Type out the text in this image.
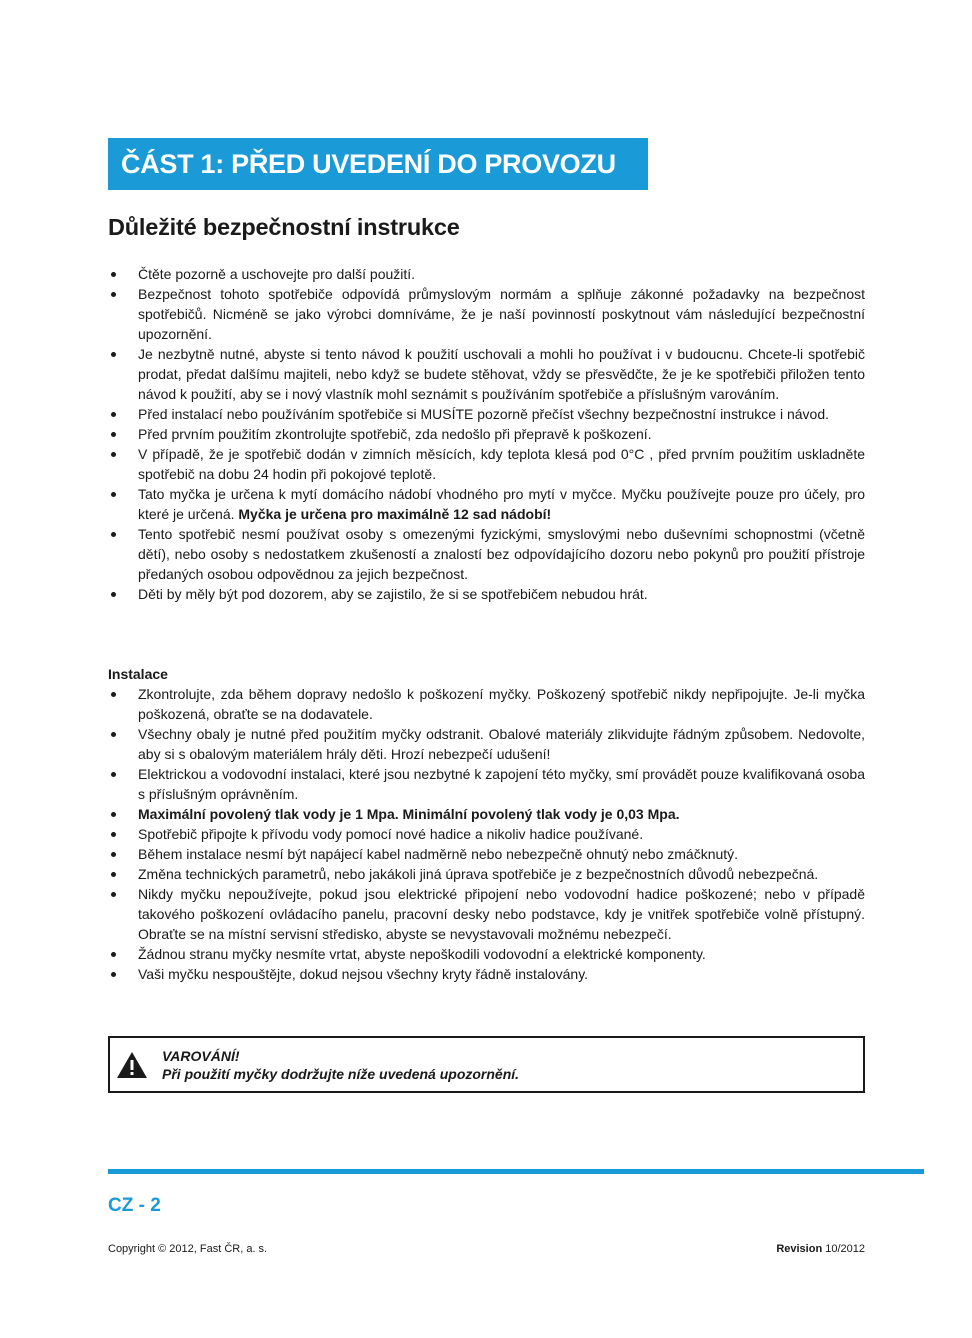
ČÁST 1: PŘED UVEDENÍ DO PROVOZU
Důležité bezpečnostní instrukce
Čtěte pozorně a uschovejte pro další použití.
Bezpečnost tohoto spotřebiče odpovídá průmyslovým normám a splňuje zákonné požadavky na bezpečnost spotřebičů. Nicméně se jako výrobci domníváme, že je naší povinností poskytnout vám následující bezpečnostní upozornění.
Je nezbytně nutné, abyste si tento návod k použití uschovali a mohli ho používat i v budoucnu. Chcete-li spotřebič prodat, předat dalšímu majiteli, nebo když se budete stěhovat, vždy se přesvědčte, že je ke spotřebiči přiložen tento návod k použití, aby se i nový vlastník mohl seznámit s používáním spotřebiče a příslušným varováním.
Před instalací nebo používáním spotřebiče si MUSÍTE pozorně přečíst všechny bezpečnostní instrukce i návod.
Před prvním použitím zkontrolujte spotřebič, zda nedošlo při přepravě k poškození.
V případě, že je spotřebič dodán v zimních měsících, kdy teplota klesá pod 0°C , před prvním použitím uskladněte spotřebič na dobu 24 hodin při pokojové teplotě.
Tato myčka je určena k mytí domácího nádobí vhodného pro mytí v myčce. Myčku používejte pouze pro účely, pro které je určená. Myčka je určena pro maximálně 12 sad nádobí!
Tento spotřebič nesmí používat osoby s omezenými fyzickými, smyslovými nebo duševními schopnostmi (včetně dětí), nebo osoby s nedostatkem zkušeností a znalostí bez odpovídajícího dozoru nebo pokynů pro použití přístroje předaných osobou odpovědnou za jejich bezpečnost.
Děti by měly být pod dozorem, aby se zajistilo, že si se spotřebičem nebudou hrát.
Instalace
Zkontrolujte, zda během dopravy nedošlo k poškození myčky. Poškozený spotřebič nikdy nepřipojujte. Je-li myčka poškozená, obraťte se na dodavatele.
Všechny obaly je nutné před použitím myčky odstranit. Obalové materiály zlikvidujte řádným způsobem. Nedovolte, aby si s obalovým materiálem hrály děti. Hrozí nebezpečí udušení!
Elektrickou a vodovodní instalaci, které jsou nezbytné k zapojení této myčky, smí provádět pouze kvalifikovaná osoba s příslušným oprávněním.
Maximální povolený tlak vody je 1 Mpa. Minimální povolený tlak vody je 0,03 Mpa.
Spotřebič připojte k přívodu vody pomocí nové hadice a nikoliv hadice používané.
Během instalace nesmí být napájecí kabel nadměrně nebo nebezpečně ohnutý nebo zmáčknutý.
Změna technických parametrů, nebo jakákoli jiná úprava spotřebiče je z bezpečnostních důvodů nebezpečná.
Nikdy myčku nepoužívejte, pokud jsou elektrické připojení nebo vodovodní hadice poškozené; nebo v případě takového poškození ovládacího panelu, pracovní desky nebo podstavce, kdy je vnitřek spotřebiče volně přístupný. Obraťte se na místní servisní středisko, abyste se nevystavovali možnému nebezpečí.
Žádnou stranu myčky nesmíte vrtat, abyste nepoškodili vodovodní a elektrické komponenty.
Vaši myčku nespouštějte, dokud nejsou všechny kryty řádně instalovány.
VAROVÁNÍ!
Při použití myčky dodržujte níže uvedená upozornění.
CZ - 2
Copyright © 2012, Fast ČR, a. s.	Revision 10/2012
